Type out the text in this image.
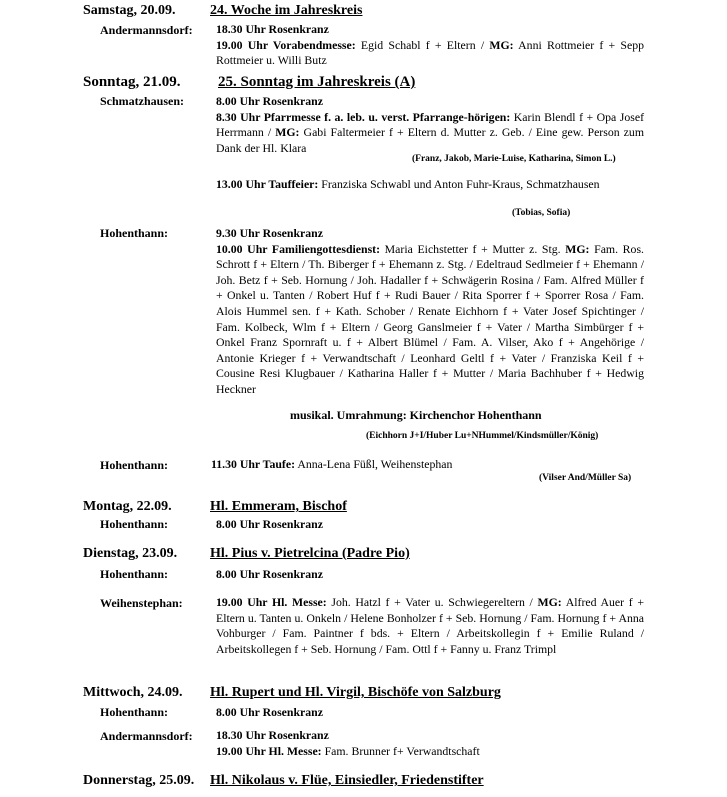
Samstag, 20.09. 24. Woche im Jahreskreis
Andermannsdorf: 18.30 Uhr Rosenkranz

19.00 Uhr Vorabendmesse: Egid Schabl f + Eltern / MG: Anni Rottmeier f + Sepp Rottmeier u. Willi Butz

Sonntag, 21.09. 25. Sonntag im Jahreskreis (A)
Schmatzhausen:	8.00 Uhr Rosenkranz

8.30 Uhr Pfarrmesse f. a. leb. u. verst. Pfarrange-hörigen: Karin Blendl f + Opa Josef Herrmann / MG: Gabi Faltermeier f + Eltern d. Mutter z. Geb. / Eine gew. Person zum Dank der Hl. Klara

(Franz, Jakob, Marie-Luise, Katharina, Simon L.)

13.00 Uhr Tauffeier: Franziska Schwabl und Anton Fuhr-Kraus, Schmatzhausen

(Tobias, Sofia)
Hohenthann:	9.30 Uhr Rosenkranz

10.00 Uhr Familiengottesdienst: Maria Eichstetter f + Mutter z. Stg. MG: Fam. Ros. Schrott f + Eltern / Th. Biberger f + Ehemann z. Stg. / Edeltraud Sedlmeier f + Ehemann / Joh. Betz f + Seb. Hornung / Joh. Hadaller f + Schwägerin Rosina / Fam. Alfred Müller f + Onkel u. Tanten / Robert Huf f + Rudi Bauer / Rita Sporrer f + Sporrer Rosa / Fam. Alois Hummel sen. f + Kath. Schober / Renate Eichhorn f + Vater Josef Spichtinger / Fam. Kolbeck, Wlm f + Eltern / Georg Ganslmeier f + Vater / Martha Simbürger f + Onkel Franz Spornraft u. f + Albert Blümel / Fam. A. Vilser, Ako f + Angehörige / Antonie Krieger f + Verwandtschaft / Leonhard Geltl f + Vater / Franziska Keil f + Cousine Resi Klugbauer / Katharina Haller f + Mutter / Maria Bachhuber f + Hedwig Heckner

musikal. Umrahmung: Kirchenchor Hohenthann
(Eichhorn J+I/Huber Lu+NHummel/Kindsmüller/König)
Hohenthann:	11.30 Uhr Taufe: Anna-Lena Füßl, Weihenstephan
(Vilser And/Müller Sa)
Montag, 22.09.	Hl. Emmeram, Bischof
Hohenthann:	8.00 Uhr Rosenkranz
Dienstag, 23.09. Hl. Pius v. Pietrelcina (Padre Pio)
Hohenthann:	8.00 Uhr Rosenkranz
Weihenstephan:	19.00 Uhr Hl. Messe: Joh. Hatzl f + Vater u. Schwiegereltern / MG: Alfred Auer f + Eltern u. Tanten u. Onkeln / Helene Bonholzer f + Seb. Hornung / Fam. Hornung f + Anna Vohburger / Fam. Paintner f bds. + Eltern / Arbeitskollegin f + Emilie Ruland / Arbeitskollegen f + Seb. Hornung / Fam. Ottl f + Fanny u. Franz Trimpl

Mittwoch, 24.09. Hl. Rupert und Hl. Virgil, Bischöfe von Salzburg
Hohenthann:	8.00 Uhr Rosenkranz
Andermannsdorf: 18.30 Uhr Rosenkranz

19.00 Uhr Hl. Messe: Fam. Brunner f+ Verwandtschaft

Donnerstag, 25.09. Hl. Nikolaus v. Flüe, Einsiedler, Friedenstifter
